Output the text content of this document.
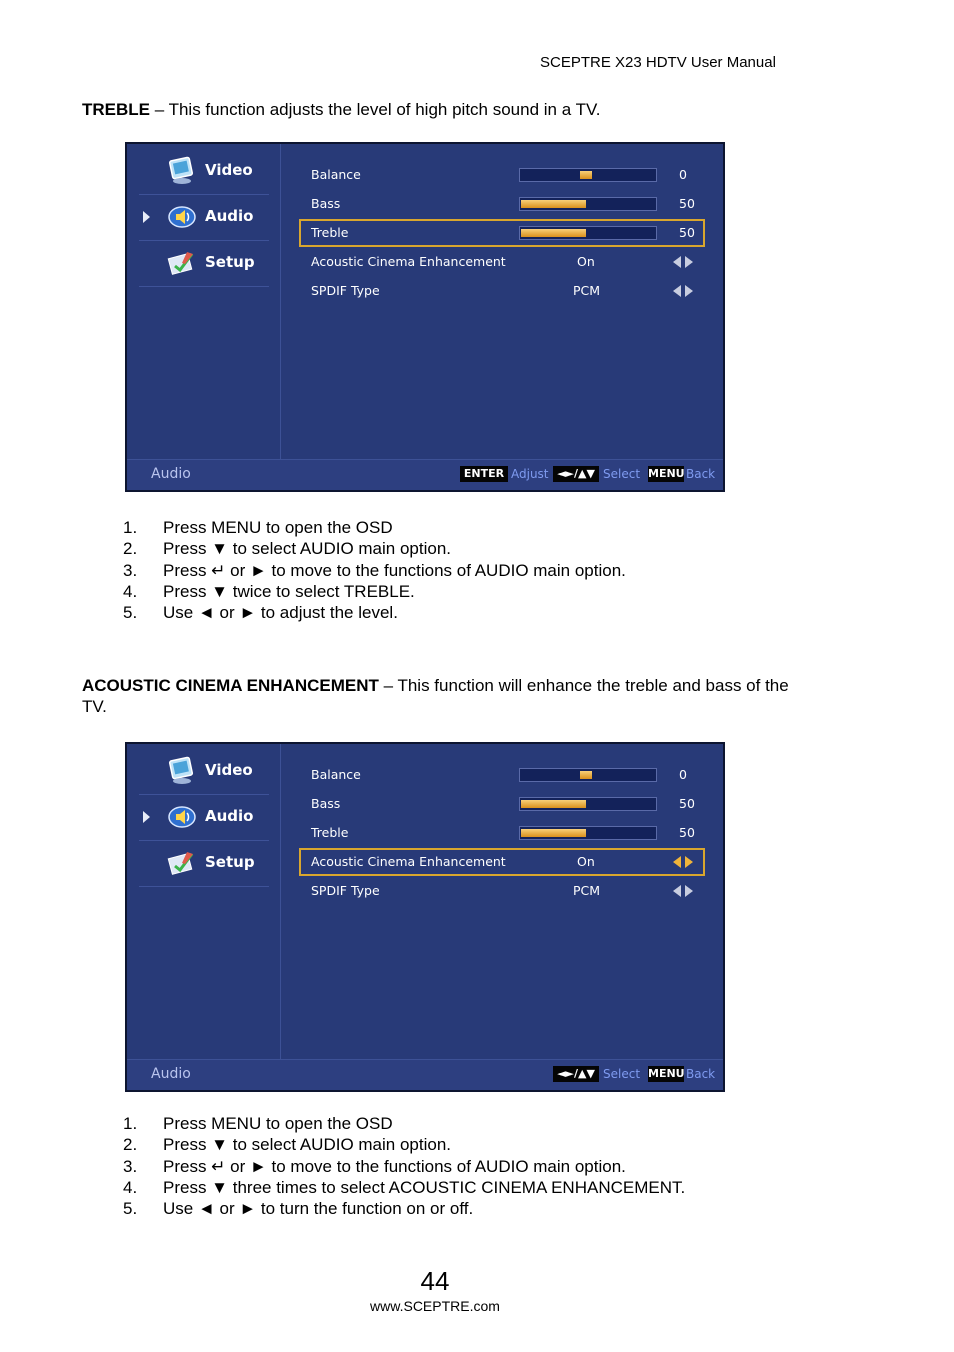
SCEPTRE X23 HDTV User Manual
TREBLE – This function adjusts the level of high pitch sound in a TV.
Video
Audio
Setup
Balance	0
Bass	50
Treble	50
Acoustic Cinema Enhancement	On
SPDIF Type	PCM
Audio	ENTER Adjust ◄►/▲▼ Select MENU Back
1. Press MENU to open the OSD
2. Press ▼ to select AUDIO main option.
3. Press ↵ or ► to move to the functions of AUDIO main option.
4. Press ▼ twice to select TREBLE.
5. Use ◄ or ► to adjust the level.
ACOUSTIC CINEMA ENHANCEMENT – This function will enhance the treble and bass of the TV.
Video
Audio
Setup
Balance	0
Bass	50
Treble	50
Acoustic Cinema Enhancement	On
SPDIF Type	PCM
Audio	◄►/▲▼ Select MENU Back
1. Press MENU to open the OSD
2. Press ▼ to select AUDIO main option.
3. Press ↵ or ► to move to the functions of AUDIO main option.
4. Press ▼ three times to select ACOUSTIC CINEMA ENHANCEMENT.
5. Use ◄ or ► to turn the function on or off.
44
www.SCEPTRE.com
